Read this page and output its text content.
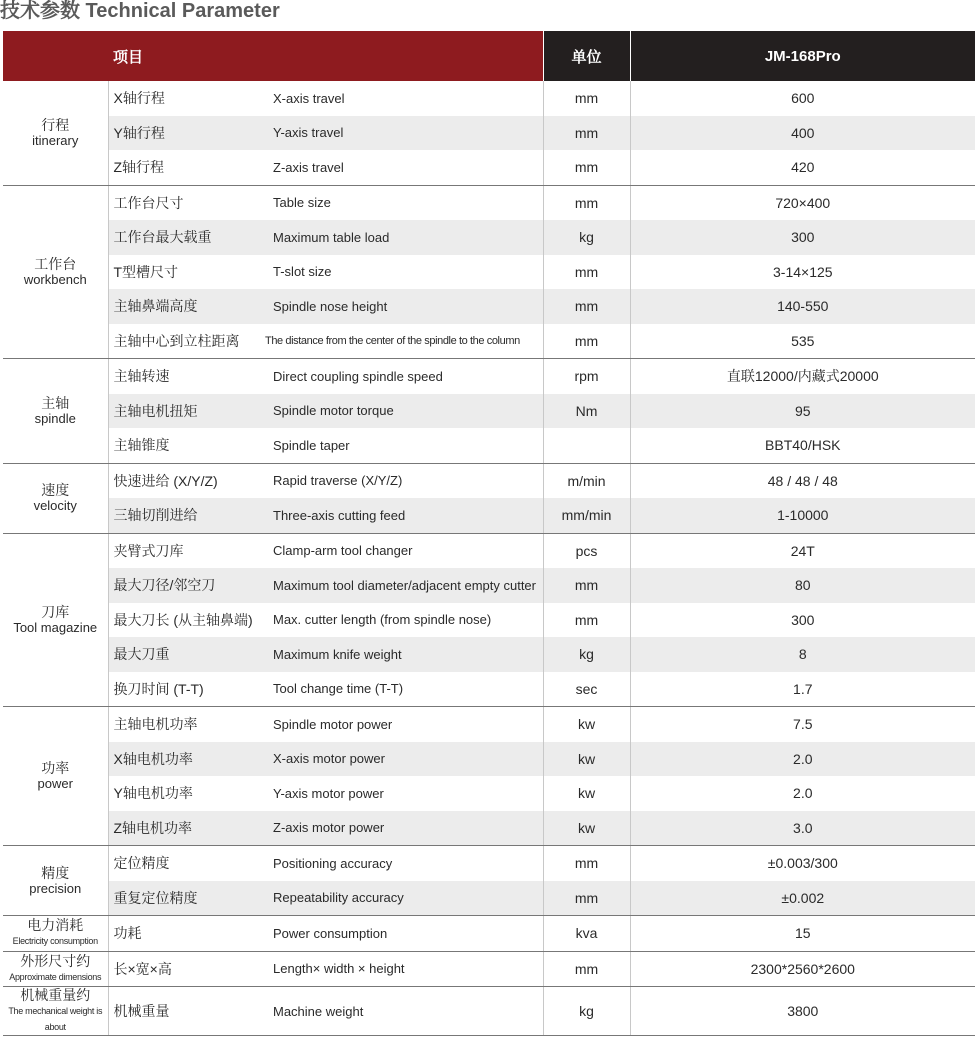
技术参数 Technical Parameter
项目			单位	JM-168Pro

行程
itinerary	X轴行程	X-axis travel	mm	600
	Y轴行程	Y-axis travel	mm	400
	Z轴行程	Z-axis travel	mm	420

工作台
workbench	工作台尺寸	Table size	mm	720×400
	工作台最大载重	Maximum table load	kg	300
	T型槽尺寸	T-slot size	mm	3-14×125
	主轴鼻端高度	Spindle nose height	mm	140-550
	主轴中心到立柱距离	The distance from the center of the spindle to the column	mm	535

主轴
spindle	主轴转速	Direct coupling spindle speed	rpm	直联12000/内藏式20000
	主轴电机扭矩	Spindle motor torque	Nm	95
	主轴锥度	Spindle taper		BBT40/HSK

速度
velocity	快速进给 (X/Y/Z)	Rapid traverse (X/Y/Z)	m/min	48 / 48 / 48
	三轴切削进给	Three-axis cutting feed	mm/min	1-10000

刀库
Tool magazine	夹臂式刀库	Clamp-arm tool changer	pcs	24T
	最大刀径/邻空刀	Maximum tool diameter/adjacent empty cutter	mm	80
	最大刀长 (从主轴鼻端)	Max. cutter length (from spindle nose)	mm	300
	最大刀重	Maximum knife weight	kg	8
	换刀时间 (T-T)	Tool change time (T-T)	sec	1.7

功率
power	主轴电机功率	Spindle motor power	kw	7.5
	X轴电机功率	X-axis motor power	kw	2.0
	Y轴电机功率	Y-axis motor power	kw	2.0
	Z轴电机功率	Z-axis motor power	kw	3.0

精度
precision	定位精度	Positioning accuracy	mm	±0.003/300
	重复定位精度	Repeatability accuracy	mm	±0.002

电力消耗
Electricity consumption	功耗	Power consumption	kva	15

外形尺寸约
Approximate dimensions	长×宽×高	Length× width × height	mm	2300*2560*2600

机械重量约
The mechanical weight is about	机械重量	Machine weight	kg	3800
